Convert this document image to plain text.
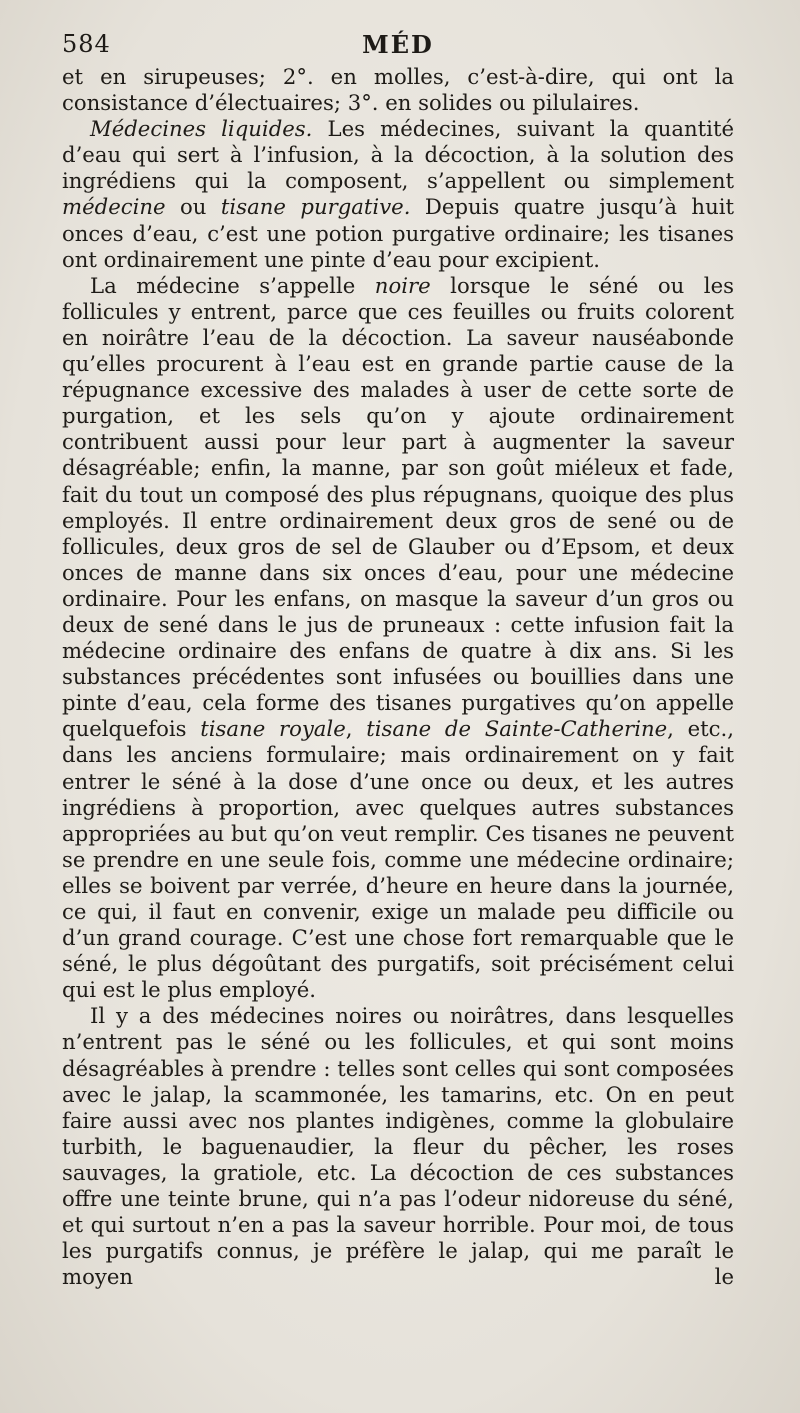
584	MÉD

et en sirupeuses; 2°. en molles, c’est-à-dire, qui ont la consistance d’électuaires; 3°. en solides ou pilulaires.

Médecines liquides. Les médecines, suivant la quantité d’eau qui sert à l’infusion, à la décoction, à la solution des ingrédiens qui la composent, s’appellent ou simplement médecine ou tisane purgative. Depuis quatre jusqu’à huit onces d’eau, c’est une potion purgative ordinaire; les tisanes ont ordinairement une pinte d’eau pour excipient.

La médecine s’appelle noire lorsque le séné ou les follicules y entrent, parce que ces feuilles ou fruits colorent en noirâtre l’eau de la décoction. La saveur nauséabonde qu’elles procurent à l’eau est en grande partie cause de la répugnance excessive des malades à user de cette sorte de purgation, et les sels qu’on y ajoute ordinairement contribuent aussi pour leur part à augmenter la saveur désagréable; enfin, la manne, par son goût miéleux et fade, fait du tout un composé des plus répugnans, quoique des plus employés. Il entre ordinairement deux gros de sené ou de follicules, deux gros de sel de Glauber ou d’Epsom, et deux onces de manne dans six onces d’eau, pour une médecine ordinaire. Pour les enfans, on masque la saveur d’un gros ou deux de sené dans le jus de pruneaux : cette infusion fait la médecine ordinaire des enfans de quatre à dix ans. Si les substances précédentes sont infusées ou bouillies dans une pinte d’eau, cela forme des tisanes purgatives qu’on appelle quelquefois tisane royale, tisane de Sainte-Catherine, etc., dans les anciens formulaire; mais ordinairement on y fait entrer le séné à la dose d’une once ou deux, et les autres ingrédiens à proportion, avec quelques autres substances appropriées au but qu’on veut remplir. Ces tisanes ne peuvent se prendre en une seule fois, comme une médecine ordinaire; elles se boivent par verrée, d’heure en heure dans la journée, ce qui, il faut en convenir, exige un malade peu difficile ou d’un grand courage. C’est une chose fort remarquable que le séné, le plus dégoûtant des purgatifs, soit précisément celui qui est le plus employé.

Il y a des médecines noires ou noirâtres, dans lesquelles n’entrent pas le séné ou les follicules, et qui sont moins désagréables à prendre : telles sont celles qui sont composées avec le jalap, la scammonée, les tamarins, etc. On en peut faire aussi avec nos plantes indigènes, comme la globulaire turbith, le baguenaudier, la fleur du pêcher, les roses sauvages, la gratiole, etc. La décoction de ces substances offre une teinte brune, qui n’a pas l’odeur nidoreuse du séné, et qui surtout n’en a pas la saveur horrible. Pour moi, de tous les purgatifs connus, je préfère le jalap, qui me paraît le moyen le
